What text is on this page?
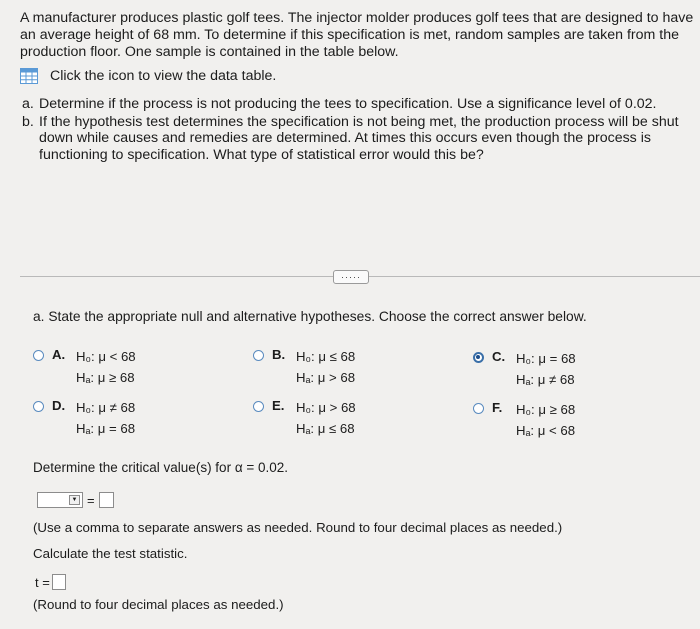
A manufacturer produces plastic golf tees. The injector molder produces golf tees that are designed to have

an average height of 68 mm. To determine if this specification is met, random samples are taken from the

production floor. One sample is contained in the table below.

Click the icon to view the data table.
a. Determine if the process is not producing the tees to specification. Use a significance level of 0.02.
b. If the hypothesis test determines the specification is not being met, the production process will be shut down while causes and remedies are determined. At times this occurs even though the process is functioning to specification. What type of statistical error would this be?
·····
a. State the appropriate null and alternative hypotheses. Choose the correct answer below.
A. H₀: μ < 68
Hₐ: μ ≥ 68
B. H₀: μ ≤ 68
Hₐ: μ > 68
C. H₀: μ = 68
Hₐ: μ ≠ 68
D. H₀: μ ≠ 68
Hₐ: μ = 68
E. H₀: μ > 68
Hₐ: μ ≤ 68
F.	H₀: μ ≥ 68
Hₐ: μ < 68
Determine the critical value(s) for α = 0.02.
▼ =
(Use a comma to separate answers as needed. Round to four decimal places as needed.)
Calculate the test statistic.
t =
(Round to four decimal places as needed.)
